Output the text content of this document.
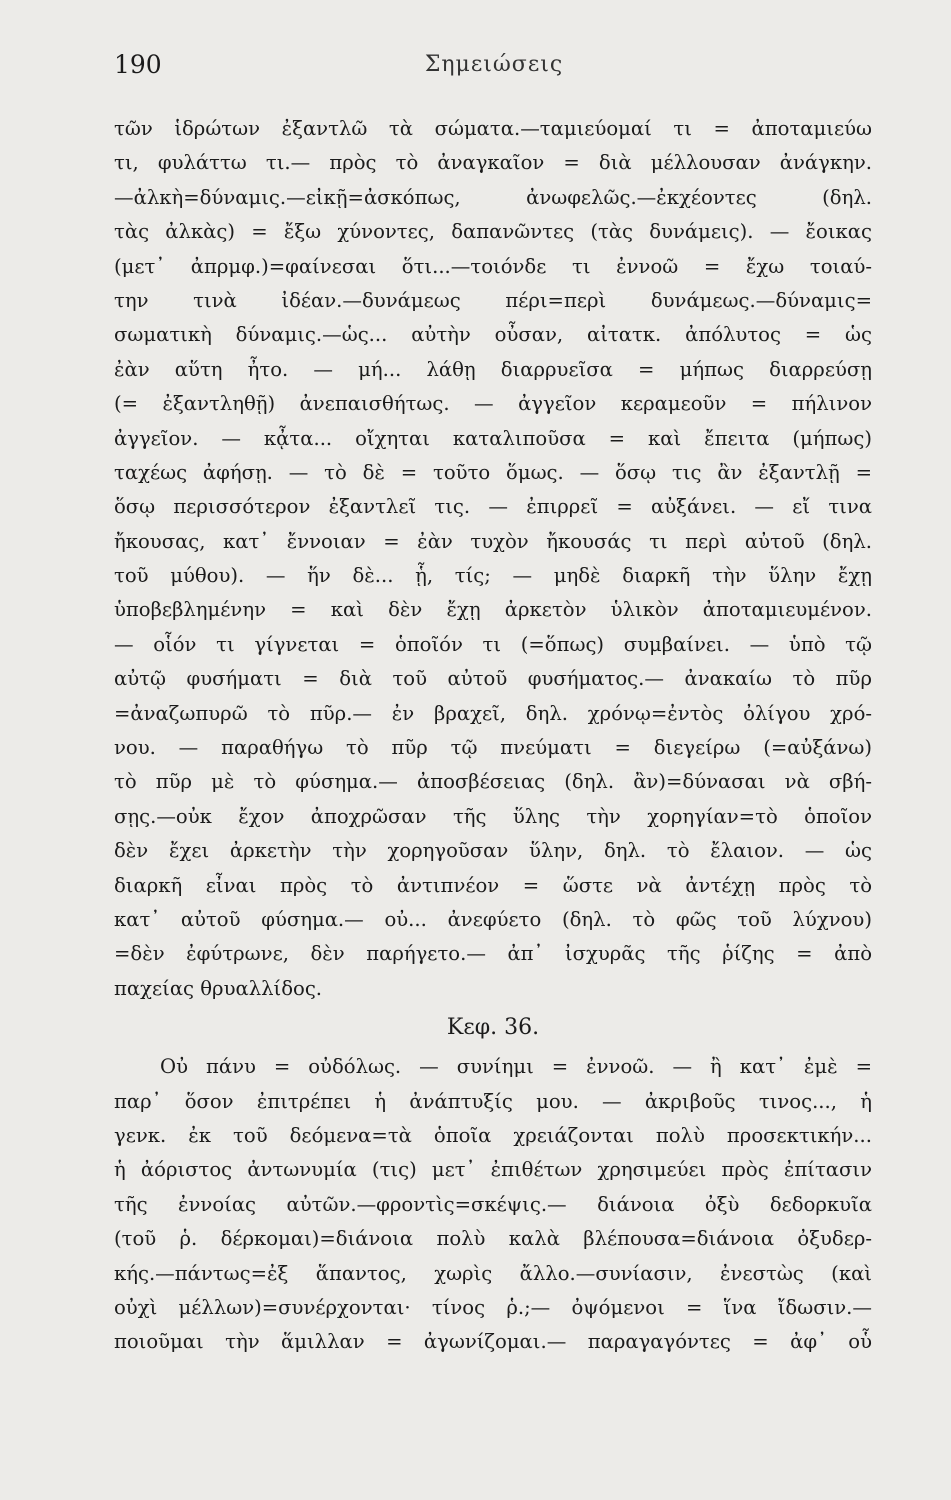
190	Σημειώσεις
τῶν ἱδρώτων ἐξαντλῶ τὰ σώματα.—ταμιεύομαί τι = ἀποταμιεύω
τι, φυλάττω τι.— πρὸς τὸ ἀναγκαῖον = διὰ μέλλουσαν ἀνάγκην.
—ἀλκὴ=δύναμις.—εἰκῇ=ἀσκόπως, ἀνωφελῶς.—ἐκχέοντες (δηλ.
τὰς ἀλκὰς) = ἔξω χύνοντες, δαπανῶντες (τὰς δυνάμεις). — ἔοικας
(μετ᾽ ἀπρμφ.)=φαίνεσαι ὅτι...—τοιόνδε τι ἐννοῶ = ἔχω τοιαύ-
την τινὰ ἰδέαν.—δυνάμεως πέρι=περὶ δυνάμεως.—δύναμις=
σωματικὴ δύναμις.—ὡς... αὐτὴν οὖσαν, αἰτατκ. ἀπόλυτος = ὡς
ἐὰν αὕτη ἦτο. — μή... λάθῃ διαρρυεῖσα = μήπως διαρρεύσῃ
(= ἐξαντληθῇ) ἀνεπαισθήτως. — ἀγγεῖον κεραμεοῦν = πήλινον
ἀγγεῖον. — κᾆτα... οἴχηται καταλιποῦσα = καὶ ἔπειτα (μήπως)
ταχέως ἀφήσῃ. — τὸ δὲ = τοῦτο ὅμως. — ὅσῳ τις ἂν ἐξαντλῇ =
ὅσῳ περισσότερον ἐξαντλεῖ τις. — ἐπιρρεῖ = αὐξάνει. — εἴ τινα
ἤκουσας, κατ᾽ ἔννοιαν = ἐὰν τυχὸν ἤκουσάς τι περὶ αὐτοῦ (δηλ.
τοῦ μύθου). — ἥν δὲ... ᾗ, τίς; — μηδὲ διαρκῆ τὴν ὕλην ἔχῃ
ὑποβεβλημένην = καὶ δὲν ἔχῃ ἀρκετὸν ὑλικὸν ἀποταμιευμένον.
— οἷόν τι γίγνεται = ὁποῖόν τι (=ὅπως) συμβαίνει. — ὑπὸ τῷ
αὐτῷ φυσήματι = διὰ τοῦ αὐτοῦ φυσήματος.— ἀνακαίω τὸ πῦρ
=ἀναζωπυρῶ τὸ πῦρ.— ἐν βραχεῖ, δηλ. χρόνῳ=ἐντὸς ὀλίγου χρό-
νου. — παραθήγω τὸ πῦρ τῷ πνεύματι = διεγείρω (=αὐξάνω)
τὸ πῦρ μὲ τὸ φύσημα.— ἀποσβέσειας (δηλ. ἂν)=δύνασαι νὰ σβή-
σῃς.—οὐκ ἔχον ἀποχρῶσαν τῆς ὕλης τὴν χορηγίαν=τὸ ὁποῖον
δὲν ἔχει ἀρκετὴν τὴν χορηγοῦσαν ὕλην, δηλ. τὸ ἔλαιον. — ὡς
διαρκῆ εἶναι πρὸς τὸ ἀντιπνέον = ὥστε νὰ ἀντέχῃ πρὸς τὸ
κατ᾽ αὐτοῦ φύσημα.— οὐ... ἀνεφύετο (δηλ. τὸ φῶς τοῦ λύχνου)
=δὲν ἐφύτρωνε, δὲν παρήγετο.— ἀπ᾽ ἰσχυρᾶς τῆς ῥίζης = ἀπὸ
παχείας θρυαλλίδος.
Κεφ. 36.
Οὐ πάνυ = οὐδόλως. — συνίημι = ἐννοῶ. — ἢ κατ᾽ ἐμὲ =
παρ᾽ ὅσον ἐπιτρέπει ἡ ἀνάπτυξίς μου. — ἀκριβοῦς τινος..., ἡ
γενκ. ἐκ τοῦ δεόμενα=τὰ ὁποῖα χρειάζονται πολὺ προσεκτικήν...
ἡ ἀόριστος ἀντωνυμία (τις) μετ᾽ ἐπιθέτων χρησιμεύει πρὸς ἐπίτασιν
τῆς ἐννοίας αὐτῶν.—φροντὶς=σκέψις.— διάνοια ὀξὺ δεδορκυῖα
(τοῦ ῥ. δέρκομαι)=διάνοια πολὺ καλὰ βλέπουσα=διάνοια ὀξυδερ-
κής.—πάντως=ἐξ ἅπαντος, χωρὶς ἄλλο.—συνίασιν, ἐνεστὼς (καὶ
οὐχὶ μέλλων)=συνέρχονται· τίνος ῥ.;— ὀψόμενοι = ἵνα ἴδωσιν.—
ποιοῦμαι τὴν ἅμιλλαν = ἀγωνίζομαι.— παραγαγόντες = ἀφ᾽ οὗ
